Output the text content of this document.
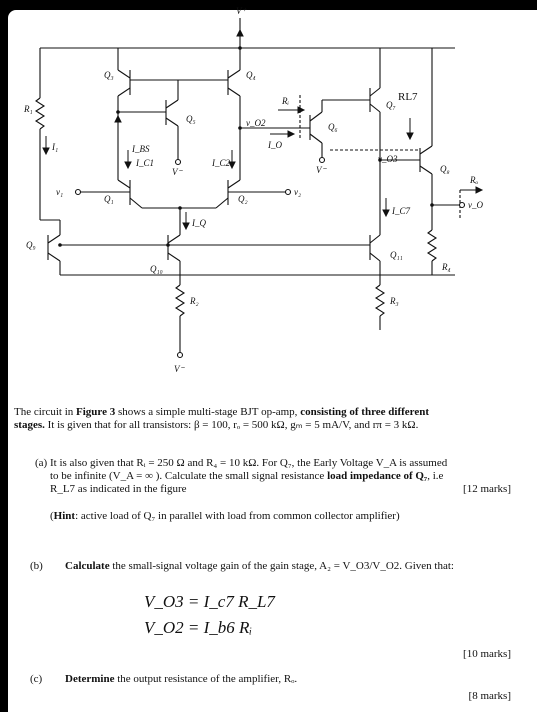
V⁺
V⁻
V⁻	V⁻
Q₁	Q₂
Q₃	Q₄
Q₅
Q₆
Q₇
Q₈
Q₉
Q₁₀
Q₁₁
R₁
R₂	R₃
R₄
Rᵢ
Rₒ
RL7
I₁	I_BS
I_C1	I_C2
I_Q
I_O
I_C7
v_O2
v_O3
v₁	v₂
v_O
The circuit in Figure 3 shows a simple multi-stage BJT op-amp, consisting of three different
stages. It is given that for all transistors: β = 100, rₒ = 500 kΩ, gₘ = 5 mA/V, and rπ = 3 kΩ.
(a) It is also given that Rᵢ = 250 Ω and R₄ = 10 kΩ. For Q₇, the Early Voltage V_A is assumed
to be infinite (V_A = ∞ ). Calculate the small signal resistance load impedance of Q₇, i.e
R_L7 as indicated in the figure	[12 marks]
(Hint: active load of Q₇ in parallel with load from common collector amplifier)
(b) Calculate the small-signal voltage gain of the gain stage, A₂ = V_O3/V_O2. Given that:
V_O3 = I_c7 R_L7
V_O2 = I_b6 Rᵢ
[10 marks]
(c) Determine the output resistance of the amplifier, Rₒ.
[8 marks]
